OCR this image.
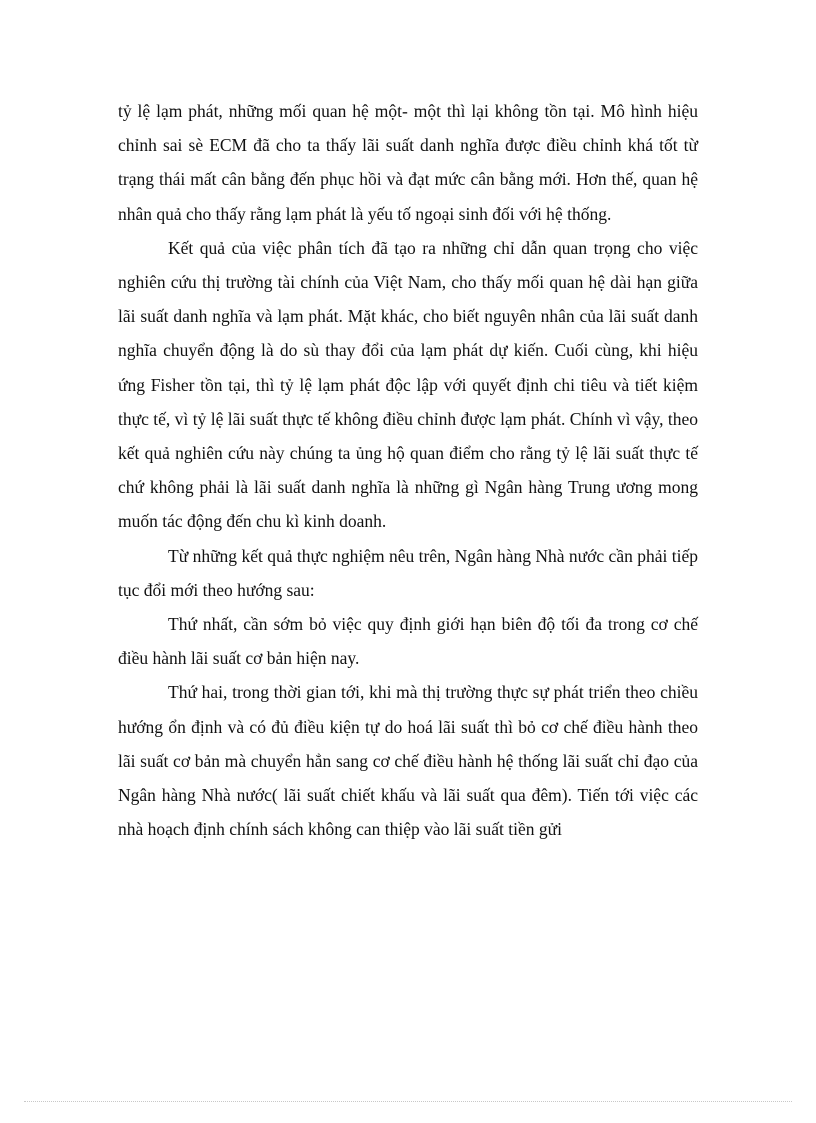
tỷ lệ lạm phát, những mối quan hệ một- một thì lại không tồn tại. Mô hình hiệu chỉnh sai sè ECM đã cho ta thấy lãi suất danh nghĩa được điều chỉnh khá tốt từ trạng thái mất cân bằng đến phục hồi và đạt mức cân bằng mới. Hơn thế, quan hệ nhân quả cho thấy rằng lạm phát là yếu tố ngoại sinh đối với hệ thống.

Kết quả của việc phân tích đã tạo ra những chỉ dẫn quan trọng cho việc nghiên cứu thị trường tài chính của Việt Nam, cho thấy mối quan hệ dài hạn giữa lãi suất danh nghĩa và lạm phát. Mặt khác, cho biết nguyên nhân của lãi suất danh nghĩa chuyển động là do sù thay đổi của lạm phát dự kiến. Cuối cùng, khi hiệu ứng Fisher tồn tại, thì tỷ lệ lạm phát độc lập với quyết định chi tiêu và tiết kiệm thực tế, vì tỷ lệ lãi suất thực tế không điều chỉnh được lạm phát. Chính vì vậy, theo kết quả nghiên cứu này chúng ta ủng hộ quan điểm cho rằng tỷ lệ lãi suất thực tế chứ không phải là lãi suất danh nghĩa là những gì Ngân hàng Trung ương mong muốn tác động đến chu kì kinh doanh.

Từ những kết quả thực nghiệm nêu trên, Ngân hàng Nhà nước cần phải tiếp tục đổi mới theo hướng sau:

Thứ nhất, cần sớm bỏ việc quy định giới hạn biên độ tối đa trong cơ chế điều hành lãi suất cơ bản hiện nay.

Thứ hai, trong thời gian tới, khi mà thị trường thực sự phát triển theo chiều hướng ổn định và có đủ điều kiện tự do hoá lãi suất thì bỏ cơ chế điều hành theo lãi suất cơ bản mà chuyển hẳn sang cơ chế điều hành hệ thống lãi suất chỉ đạo của Ngân hàng Nhà nước( lãi suất chiết khấu và lãi suất qua đêm). Tiến tới việc các nhà hoạch định chính sách không can thiệp vào lãi suất tiền gửi
